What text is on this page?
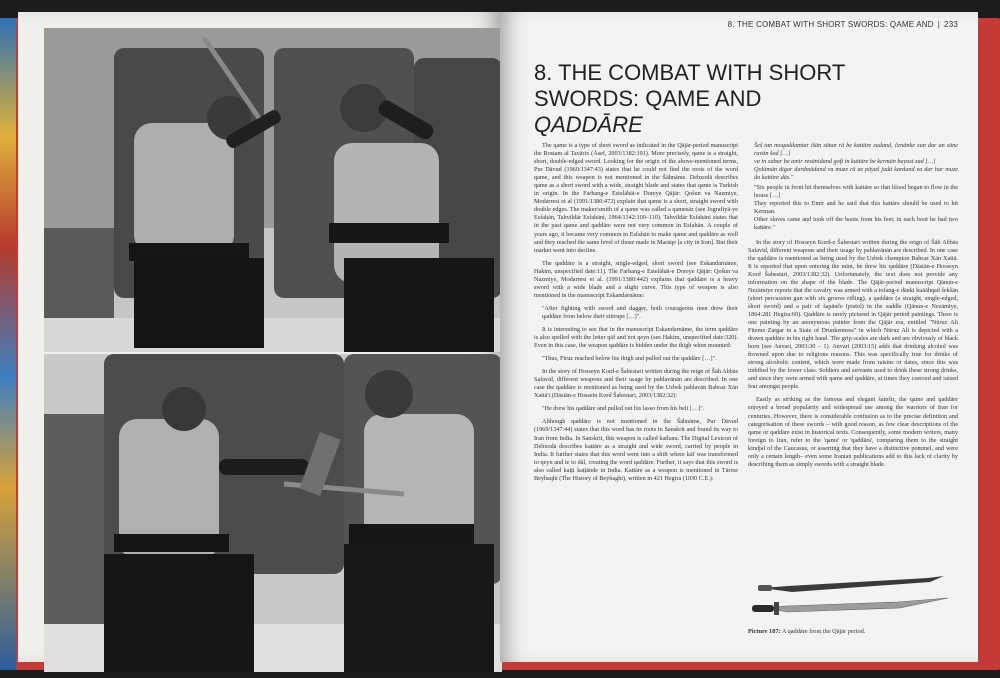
8. THE COMBAT WITH SHORT SWORDS: QAME AND | 233
8. THE COMBAT WITH SHORT SWORDS: QAME AND
QADDĀRE

The qame is a type of short sword as indicated in the Qājār-period manuscript the Rostam al Tavārix (Āsef, 2003/1382:191). More precisely, qame is a straight, short, double-edged sword. Looking for the origin of the above-mentioned terms, Pur Dāvud (1969/1347:43) states that he could not find the roots of the word qame, and this weapon is not mentioned in the Šāhnāme. Dehxodā describes qame as a short sword with a wide, straight blade and states that qame is Turkish in origin. In the Farhang-e Estelāhāt-e Doreye Qājār: Qošun va Nazmiye, Modarresi et al (1991/1380:472) explain that qame is a short, straight sword with double edges. The maker/smith of a qame was called a qamesāz (see Jografiyā-ye Esfahān, Tahvildār Esfahāni, 1964/1342:109–110). Tahvildār Esfahāni states that in the past qame and qaddāre were not very common in Esfahān. A couple of years ago, it became very common in Esfahān to make qame and qaddāre as well and they reached the same level of those made in Marāqe [a city in Iran]. But their market went into decline.

The qaddāre is a straight, single-edged, short sword (see Eskandarnāme, Hakim, unspecified date:11). The Farhang-e Estelāhāt-e Doreye Qājār: Qošun va Nazmiye, Modarresi et al. (1991/1380:442) explains that qaddāre is a heavy sword with a wide blade and a slight curve. This type of weapon is also mentioned in the manuscript Eskandarnāme:

"After fighting with sword and dagger, both courageous men drew their qaddāre from below their stirrups […]".

It is interesting to see that in the manuscript Eskandarnāme, the term qaddāre is also spelled with the letter qāf and not qeyn (see Hakim, unspecified date:320). Even in this case, the weapon qaddāre is hidden under the thigh when mounted:

"Thus, Firuz reached below his thigh and pulled out the qaddāre […]".

In the story of Hosseyn Kord-e Šabestari written during the reign of Šāh Abbās Safavid, different weapons and their usage by pahlavānān are described. In one case the qaddāre is mentioned as being used by the Uzbek pahlavān Babraz Xān Xattā'i (Dāstān-e Hossein Kord Šabestari, 2003/1382:32):

"He drew his qaddāre and pulled out his lasso from his belt […]".

Although qaddāre is not mentioned in the Šāhnāme, Pur Dāvud (1969/1347:44) states that this word has its roots in Sanskrit and found its way to Iran from India. In Sanskrit, this weapon is called kathara. The Digital Lexicon of Dehxodā describes kattāre as a straight and wide sword, carried by people in India. It further states that this word went into a shift where kāf was transformed to qeyn and te to dāl, creating the word qaddāre. Further, it says that this sword is also called kaṭṭi kaṭṭānde in India. Kattāre as a weapon is mentioned in Tārixe Beyhaqhi (The History of Beyhaghi), written in 421 Hegira (1030 C.E.):

Šeš tan moqaddamtar išān sūtan rā be kattāre zadand, čenānke xun dar an sāne ravān šod […]

va in xabar be amir resānidand goft in kattāre be kermān bayast zad […]

Qolāmān digar dardmādand va muze rā az pāyaš jodā kardand va dar har muze do kattāre dās."

"Six people in front hit themselves with kattāre so that blood began to flow in the house […]

They reported this to Emir and he said that this kattāre should be used to hit Kerman.

Other slaves came and took off the boots from his feet; in each boot he had two kattāre."

In the story of Hosseyn Kord-e Šabestari written during the reign of Šāh Abbās Safavid, different weapons and their usage by pahlavānān are described. In one case the qaddāre is mentioned as being used by the Uzbek champion Babraz Xān Xattā. It is reported that upon entering the mint, he drew his qaddāre (Dāstān-e Hosseyn Kord Šabestari, 2003/1382:32). Unfortunately, the text does not provide any information on the shape of the blade. The Qājār-period manuscript Qānun-e Nezāmiye reports that the cavalry was armed with a tofang-e dānki kuāāhqad šekšān (short percussion gun with six groove rifling), a qaddāre (a straight, single-edged, short sword) and a pair of šapānče (pistol) in the saddle (Qānun-e Nezāmiye, 1864:281 Hegira:60). Qaddāre is rarely pictured in Qājār period paintings. There is one painting by an anonymous painter from the Qājār era, entitled "Nūruz Ali Fiteme Zargar in a State of Drunkenness" in which Nūruz Ali is depicted with a drawn qaddāre in his right hand. The grip scales are dark and are obviously of black horn (see Anvari, 2003:30 – 1). Anvari (2003:15) adds that drinking alcohol was frowned upon due to religious reasons. This was specifically true for drinks of strong alcoholic content, which were made from raisins or dates, since this was imbibed by the lower class. Soldiers and servants used to drink these strong drinks, and since they were armed with qame and qaddāre, at times they coerced and raised fear amongst people.

Easily as striking as the famous and elegant šamšir, the qame and qaddāre enjoyed a broad popularity and widespread use among the warriors of Iran for centuries. However, there is considerable confusion as to the precise definition and categorisation of these swords – with good reason, as few clear descriptions of the qame or qaddāre exist in historical texts. Consequently, some modern writers, many foreign to Iran, refer to the 'qame' or 'qaddāra', comparing them to the straight kindjal of the Caucasus, or asserting that they have a distinctive pommel, and were only a certain length– even some Iranian publications add to this lack of clarity by describing them as simply swords with a straight blade.

Picture 187: A qaddāre from the Qājār period.
